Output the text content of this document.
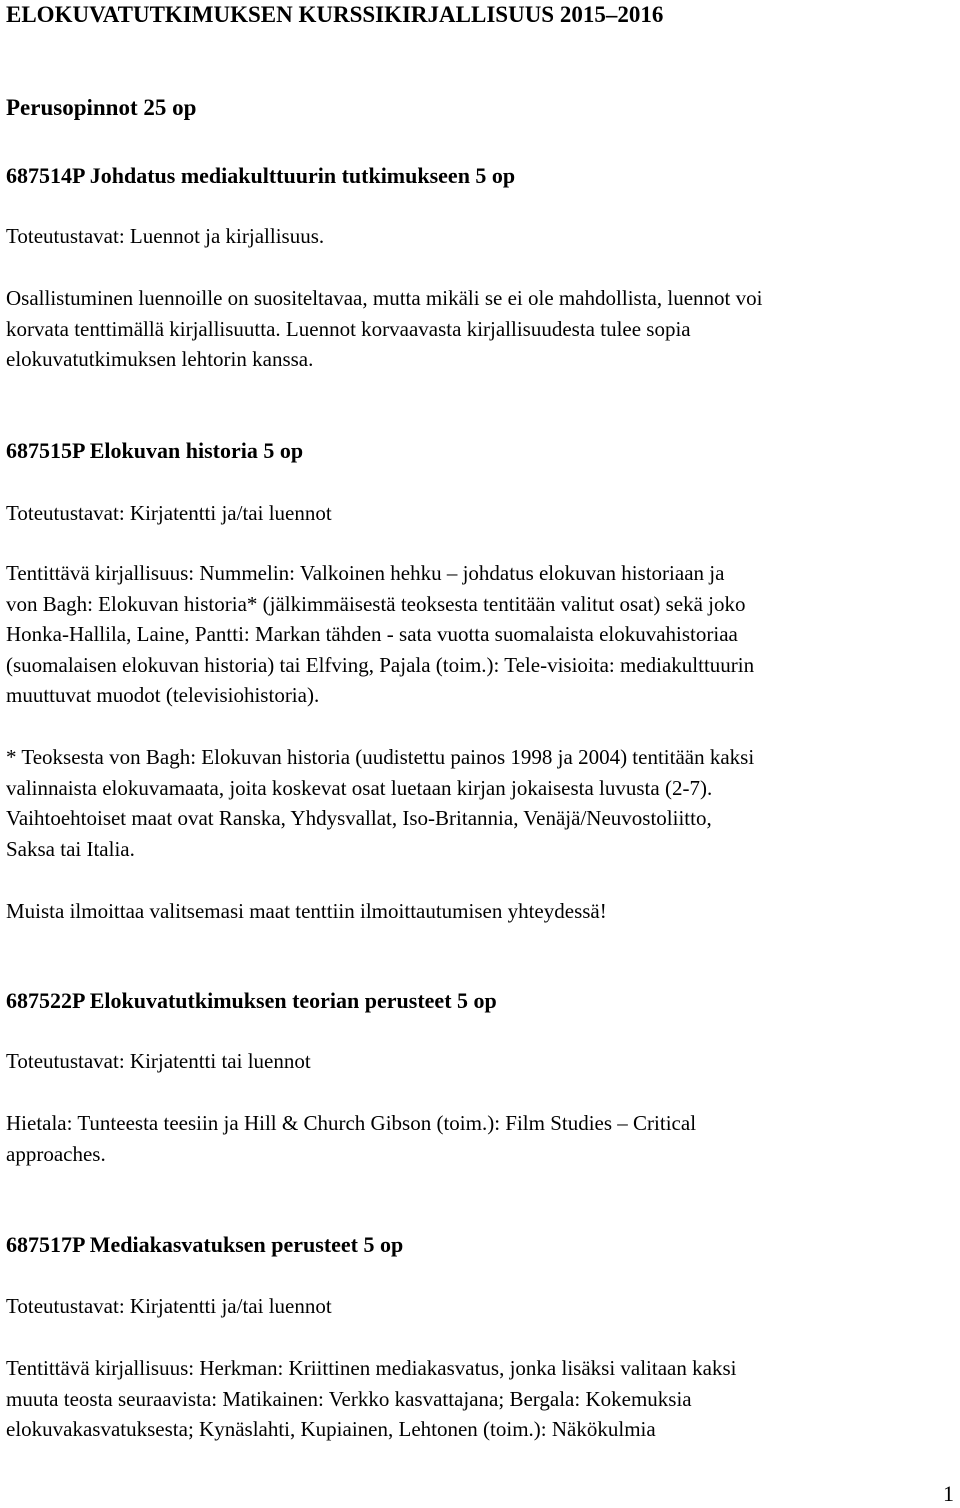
ELOKUVATUTKIMUKSEN KURSSIKIRJALLISUUS 2015–2016
Perusopinnot 25 op
687514P Johdatus mediakulttuurin tutkimukseen 5 op

Toteutustavat: Luennot ja kirjallisuus.

Osallistuminen luennoille on suositeltavaa, mutta mikäli se ei ole mahdollista, luennot voi
korvata tenttimällä kirjallisuutta. Luennot korvaavasta kirjallisuudesta tulee sopia
elokuvatutkimuksen lehtorin kanssa.
687515P Elokuvan historia 5 op

Toteutustavat: Kirjatentti ja/tai luennot

Tentittävä kirjallisuus: Nummelin: Valkoinen hehku – johdatus elokuvan historiaan ja
von Bagh: Elokuvan historia* (jälkimmäisestä teoksesta tentitään valitut osat) sekä joko
Honka-Hallila, Laine, Pantti: Markan tähden - sata vuotta suomalaista elokuvahistoriaa
(suomalaisen elokuvan historia) tai Elfving, Pajala (toim.): Tele-visioita: mediakulttuurin
muuttuvat muodot (televisiohistoria).
* Teoksesta von Bagh: Elokuvan historia (uudistettu painos 1998 ja 2004) tentitään kaksi
valinnaista elokuvamaata, joita koskevat osat luetaan kirjan jokaisesta luvusta (2-7).
Vaihtoehtoiset maat ovat Ranska, Yhdysvallat, Iso-Britannia, Venäjä/Neuvostoliitto,
Saksa tai Italia.
Muista ilmoittaa valitsemasi maat tenttiin ilmoittautumisen yhteydessä!
687522P Elokuvatutkimuksen teorian perusteet 5 op

Toteutustavat: Kirjatentti tai luennot

Hietala: Tunteesta teesiin ja Hill & Church Gibson (toim.): Film Studies – Critical
approaches.
687517P Mediakasvatuksen perusteet 5 op

Toteutustavat: Kirjatentti ja/tai luennot

Tentittävä kirjallisuus: Herkman: Kriittinen mediakasvatus, jonka lisäksi valitaan kaksi
muuta teosta seuraavista: Matikainen: Verkko kasvattajana; Bergala: Kokemuksia
elokuvakasvatuksesta; Kynäslahti, Kupiainen, Lehtonen (toim.): Näkökulmia
1
